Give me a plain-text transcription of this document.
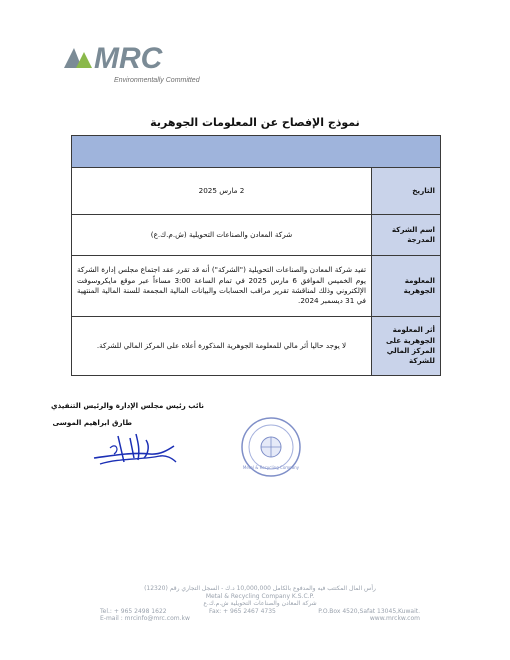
MRC
Environmentally Committed
نموذج الإفصاح عن المعلومات الجوهرية

التاريخ	2 مارس 2025
اسم الشركة المدرجة	شركة المعادن والصناعات التحويلية (ش.م.ك.ع)
المعلومة الجوهرية	تفيد شركة المعادن والصناعات التحويلية ("الشركة") أنه قد تقرر عقد اجتماع مجلس إدارة الشركة يوم الخميس الموافق 6 مارس 2025 في تمام الساعة 3:00 مساءاً عبر موقع مايكروسوفت الإلكتروني وذلك لمناقشة تقرير مراقب الحسابات والبيانات المالية المجمعة للسنة المالية المنتهية في 31 ديسمبر 2024.
أثر المعلومة الجوهرية على المركز المالي للشركة	لا يوجد حاليا أثر مالي للمعلومة الجوهرية المذكورة أعلاه على المركز المالي للشركة.
نائب رئيس مجلس الإدارة والرئيس التنفيذي
طارق ابراهيم الموسى
Metal & Recycling Company
رأس المال المكتتب فيه والمدفوع بالكامل 10,000,000 د.ك - السجل التجاري رقم (12320)
Metal & Recycling Company K.S.C.P.
شركة المعادن والصناعات التحويلية ش.م.ك.ع
Tel.: + 965 2498 1622	Fax: + 965 2467 4735	P.O.Box 4520,Safat 13045,Kuwait.
E-mail : mrcinfo@mrc.com.kw	www.mrckw.com
